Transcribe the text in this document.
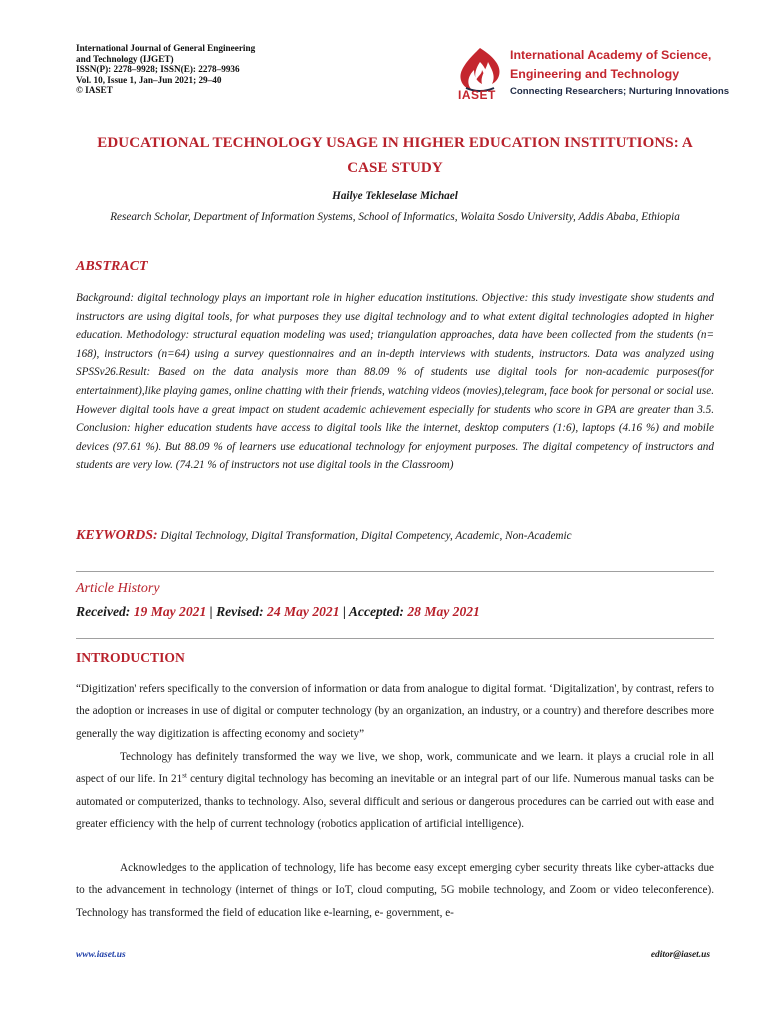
International Journal of General Engineering
and Technology (IJGET)
ISSN(P): 2278–9928; ISSN(E): 2278–9936
Vol. 10, Issue 1, Jan–Jun 2021; 29–40
© IASET	IASET
International Academy of Science,
Engineering and Technology
Connecting Researchers; Nurturing Innovations
EDUCATIONAL TECHNOLOGY USAGE IN HIGHER EDUCATION INSTITUTIONS: A
CASE STUDY
Hailye Tekleselase Michael
Research Scholar, Department of Information Systems, School of Informatics, Wolaita Sosdo University, Addis Ababa, Ethiopia
ABSTRACT
Background: digital technology plays an important role in higher education institutions. Objective: this study investigate show students and instructors are using digital tools, for what purposes they use digital technology and to what extent digital technologies adopted in higher education. Methodology: structural equation modeling was used; triangulation approaches, data have been collected from the students (n= 168), instructors (n=64) using a survey questionnaires and an in-depth interviews with students, instructors. Data was analyzed using SPSSv26.Result: Based on the data analysis more than 88.09 % of students use digital tools for non-academic purposes(for entertainment),like playing games, online chatting with their friends, watching videos (movies),telegram, face book for personal or social use. However digital tools have a great impact on student academic achievement especially for students who score in GPA are greater than 3.5. Conclusion: higher education students have access to digital tools like the internet, desktop computers (1:6), laptops (4.16 %) and mobile devices (97.61 %). But 88.09 % of learners use educational technology for enjoyment purposes. The digital competency of instructors and students are very low. (74.21 % of instructors not use digital tools in the Classroom)
KEYWORDS: Digital Technology, Digital Transformation, Digital Competency, Academic, Non-Academic
Article History
Received: 19 May 2021 | Revised: 24 May 2021 | Accepted: 28 May 2021
INTRODUCTION
“Digitization' refers specifically to the conversion of information or data from analogue to digital format. ‘Digitalization', by contrast, refers to the adoption or increases in use of digital or computer technology (by an organization, an industry, or a country) and therefore describes more generally the way digitization is affecting economy and society”
Technology has definitely transformed the way we live, we shop, work, communicate and we learn. it plays a crucial role in all aspect of our life. In 21st century digital technology has becoming an inevitable or an integral part of our life. Numerous manual tasks can be automated or computerized, thanks to technology. Also, several difficult and serious or dangerous procedures can be carried out with ease and greater efficiency with the help of current technology (robotics application of artificial intelligence).
Acknowledges to the application of technology, life has become easy except emerging cyber security threats like cyber-attacks due to the advancement in technology (internet of things or IoT, cloud computing, 5G mobile technology, and Zoom or video teleconference). Technology has transformed the field of education like e-learning, e- government, e-
www.iaset.us	editor@iaset.us
